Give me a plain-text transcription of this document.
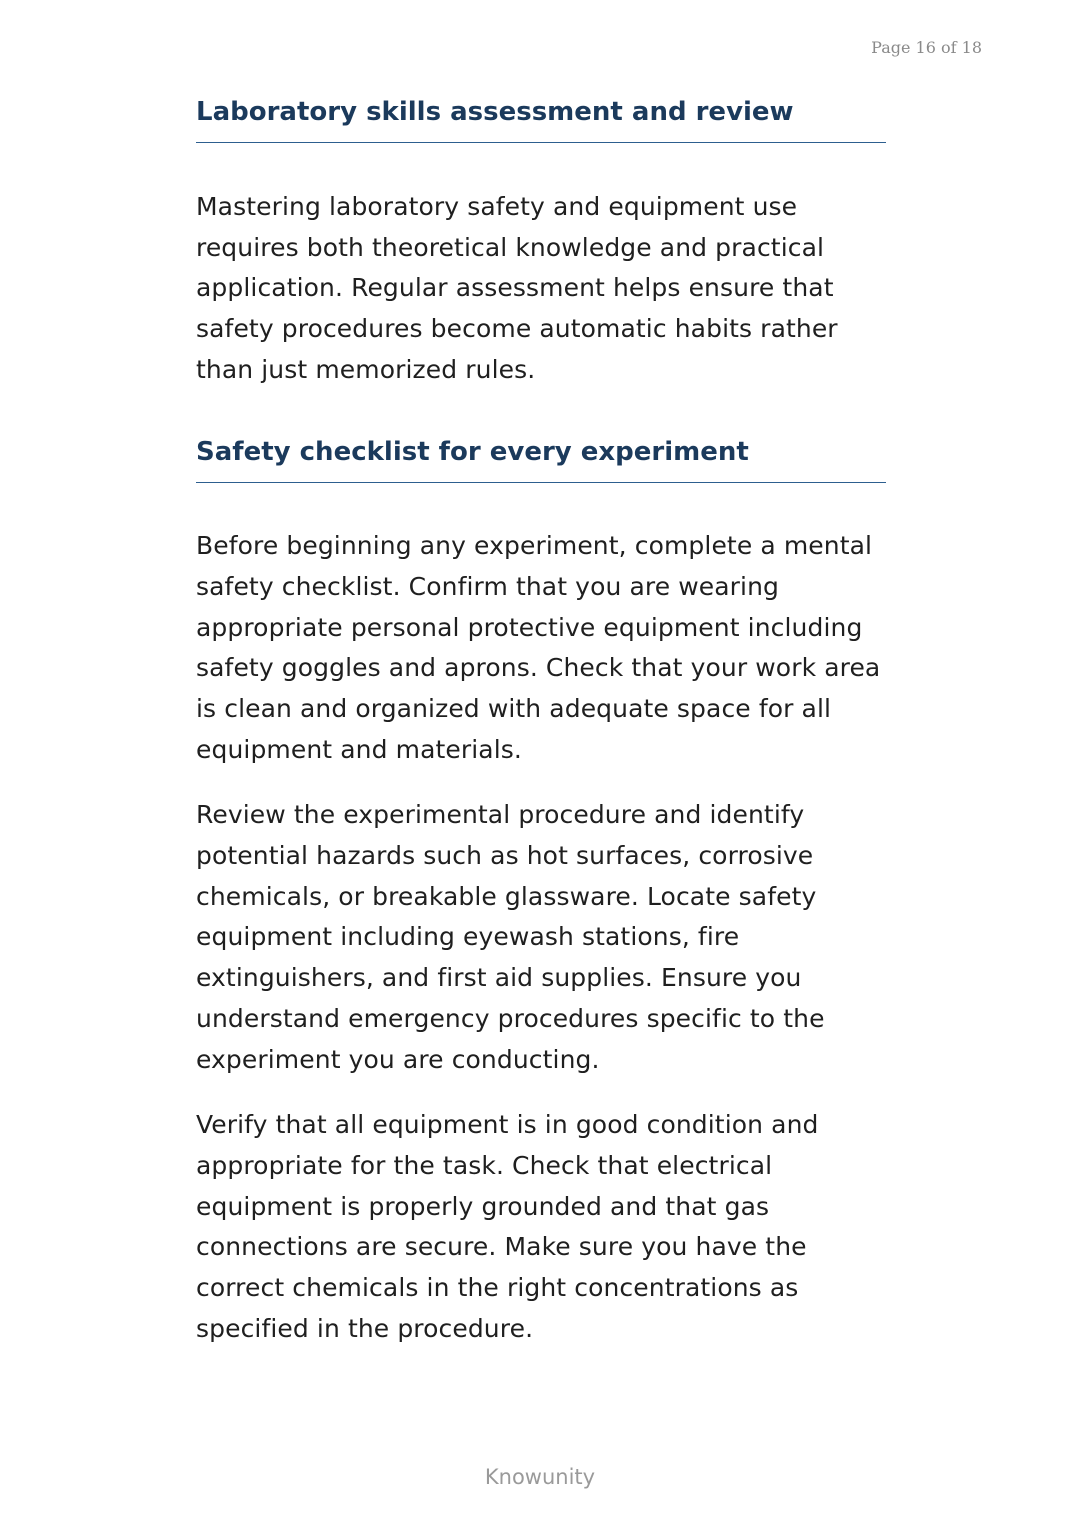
Page 16 of 18
Laboratory skills assessment and review

Mastering laboratory safety and equipment use requires both theoretical knowledge and practical application. Regular assessment helps ensure that safety procedures become automatic habits rather than just memorized rules.

Safety checklist for every experiment

Before beginning any experiment, complete a mental safety checklist. Confirm that you are wearing appropriate personal protective equipment including safety goggles and aprons. Check that your work area is clean and organized with adequate space for all equipment and materials.

Review the experimental procedure and identify potential hazards such as hot surfaces, corrosive chemicals, or breakable glassware. Locate safety equipment including eyewash stations, fire extinguishers, and first aid supplies. Ensure you understand emergency procedures specific to the experiment you are conducting.

Verify that all equipment is in good condition and appropriate for the task. Check that electrical equipment is properly grounded and that gas connections are secure. Make sure you have the correct chemicals in the right concentrations as specified in the procedure.

Knowunity
